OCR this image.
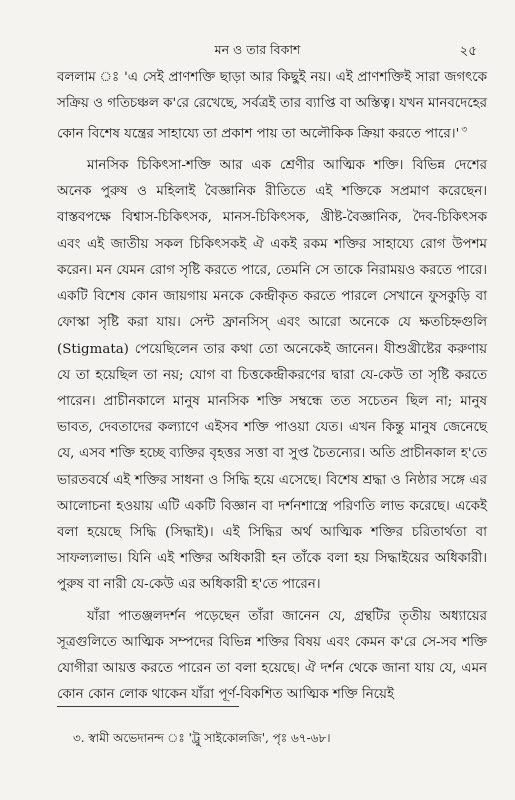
মন ও তার বিকাশ	২৫

বললাম ঃ 'এ সেই প্রাণশক্তি ছাড়া আর কিছুই নয়। এই প্রাণশক্তিই সারা জগৎকে সক্রিয় ও গতিচঞ্চল ক'রে রেখেছে, সর্বত্রই তার ব্যাপ্তি বা অস্তিত্ব। যখন মানবদেহের কোন বিশেষ যন্ত্রের সাহায্যে তা প্রকাশ পায় তা অলৌকিক ক্রিয়া করতে পারে।' $^৩$

মানসিক চিকিৎসা-শক্তি আর এক শ্রেণীর আত্মিক শক্তি। বিভিন্ন দেশের অনেক পুরুষ ও মহিলাই বৈজ্ঞানিক রীতিতে এই শক্তিকে সপ্রমাণ করেছেন। বাস্তবপক্ষে বিশ্বাস-চিকিৎসক, মানস-চিকিৎসক, খ্রীষ্ট-বৈজ্ঞানিক, দৈব-চিকিৎসক এবং এই জাতীয় সকল চিকিৎসকই ঐ একই রকম শক্তির সাহায্যে রোগ উপশম করেন। মন যেমন রোগ সৃষ্টি করতে পারে, তেমনি সে তাকে নিরাময়ও করতে পারে। একটি বিশেষ কোন জায়গায় মনকে কেন্দ্রীকৃত করতে পারলে সেখানে ফুসকুড়ি বা ফোস্কা সৃষ্টি করা যায়। সেন্ট ফ্রানসিস্ এবং আরো অনেকে যে ক্ষতচিহ্নগুলি (Stigmata) পেয়েছিলেন তার কথা তো অনেকেই জানেন। যীশুখ্রীষ্টের করুণায় যে তা হয়েছিল তা নয়; যোগ বা চিত্তকেন্দ্রীকরণের দ্বারা যে-কেউ তা সৃষ্টি করতে পারেন। প্রাচীনকালে মানুষ মানসিক শক্তি সম্বন্ধে তত সচেতন ছিল না; মানুষ ভাবত, দেবতাদের কল্যাণে এইসব শক্তি পাওয়া যেত। এখন কিন্তু মানুষ জেনেছে যে, এসব শক্তি হচ্ছে ব্যক্তির বৃহত্তর সত্তা বা সুপ্ত চৈতন্যের। অতি প্রাচীনকাল হ'তে ভারতবর্ষে এই শক্তির সাধনা ও সিদ্ধি হয়ে এসেছে। বিশেষ শ্রদ্ধা ও নিষ্ঠার সঙ্গে এর আলোচনা হওয়ায় এটি একটি বিজ্ঞান বা দর্শনশাস্ত্রে পরিণতি লাভ করেছে। একেই বলা হয়েছে সিদ্ধি (সিদ্ধাই)। এই সিদ্ধির অর্থ আত্মিক শক্তির চরিতার্থতা বা সাফল্যলাভ। যিনি এই শক্তির অধিকারী হন তাঁকে বলা হয় সিদ্ধাইয়ের অধিকারী। পুরুষ বা নারী যে-কেউ এর অধিকারী হ'তে পারেন।

যাঁরা পাতঞ্জলদর্শন পড়েছেন তাঁরা জানেন যে, গ্রন্থটির তৃতীয় অধ্যায়ের সূত্রগুলিতে আত্মিক সম্পদের বিভিন্ন শক্তির বিষয় এবং কেমন ক'রে সে-সব শক্তি যোগীরা আয়ত্ত করতে পারেন তা বলা হয়েছে। ঐ দর্শন থেকে জানা যায় যে, এমন কোন কোন লোক থাকেন যাঁরা পূর্ণ-বিকশিত আত্মিক শক্তি নিয়েই

৩. স্বামী অভেদানন্দ ঃ 'ট্রু সাইকোলজি', পৃঃ ৬৭-৬৮।
